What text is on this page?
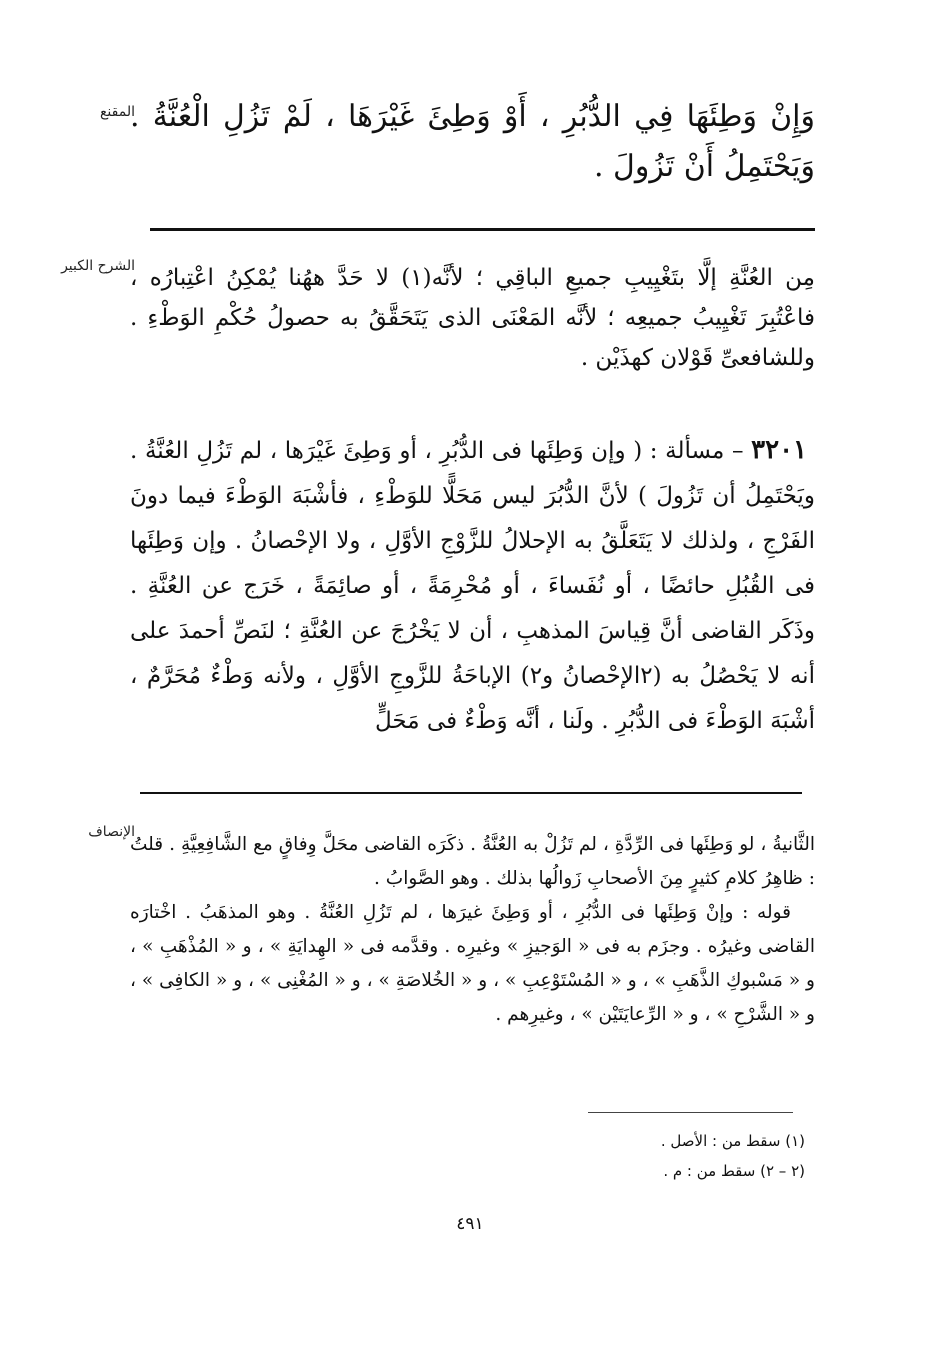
المقنع

وَإِنْ وَطِئَهَا فِي الدُّبُرِ ، أَوْ وَطِئَ غَيْرَهَا ، لَمْ تَزُلِ الْعُنَّةُ . وَيَحْتَمِلُ أَنْ تَزُولَ .

الشرح الكبير

مِن العُنَّةِ إلَّا بتَغْيِيبِ جميعِ الباقِي ؛ لأنَّه(١) لا حَدَّ ههُنا يُمْكِنُ اعْتِبارُه ، فاعْتُبِرَ تَغْيِيبُ جميعِه ؛ لأنَّه المَعْنَى الذى يَتَحَقَّقُ به حصولُ حُكْمِ الوَطْءِ . وللشافعىِّ قَوْلان كهذَيْن .

٣٢٠١ – مسألة : ( وإن وَطِئَها فى الدُّبُرِ ، أو وَطِئَ غَيْرَها ، لم تَزُلِ العُنَّةُ . ويَحْتَمِلُ أن تَزُولَ ) لأنَّ الدُّبُرَ ليس مَحَلًّا للوَطْءِ ، فأشْبَهَ الوَطْءَ فيما دونَ الفَرْجِ ، ولذلك لا يَتَعَلَّقُ به الإحلالُ للزَّوْجِ الأوَّلِ ، ولا الإحْصانُ . وإن وَطِئَها فى القُبُلِ حائضًا ، أو نُفَساءَ ، أو مُحْرِمَةً ، أو صائِمَةً ، خَرَج عن العُنَّةِ . وذَكَر القاضى أنَّ قِياسَ المذهبِ ، أن لا يَخْرُجَ عن العُنَّةِ ؛ لنَصِّ أحمدَ على أنه لا يَحْصُلُ به (٢الإحْصانُ و٢) الإباحَةُ للزَّوجِ الأوَّلِ ، ولأنه وَطْءٌ مُحَرَّمٌ ، أشْبَهَ الوَطْءَ فى الدُّبُرِ . ولَنا ، أنَّه وَطْءٌ فى مَحَلٍّ

الإنصاف

الثَّانيةُ ، لو وَطِئَها فى الرِّدَّةِ ، لم تَزُلْ به العُنَّةُ . ذكَرَه القاضى محَلَّ وِفاقٍ مع الشَّافِعِيَّةِ . قلتُ : ظاهِرُ كلامِ كثيرٍ مِنَ الأصحابِ زَوالُها بذلك . وهو الصَّوابُ .

قوله : وإنْ وَطِئَها فى الدُّبُرِ ، أو وَطِئَ غيرَها ، لم تَزُلِ العُنَّةُ . وهو المذهَبُ . اخْتارَه القاضى وغيرُه . وجزَم به فى « الوَجيزِ » وغيرِه . وقدَّمه فى « الهِدايَةِ » ، و « المُذْهَبِ » ، و « مَسْبوكِ الذَّهَبِ » ، و « المُسْتَوْعِبِ » ، و « الخُلاصَةِ » ، و « المُغْنِى » ، و « الكافِى » ، و « الشَّرْحِ » ، و « الرِّعايَتَيْن » ، وغيرِهم .

(١) سقط من : الأصل .
(٢ – ٢) سقط من : م .
٤٩١
